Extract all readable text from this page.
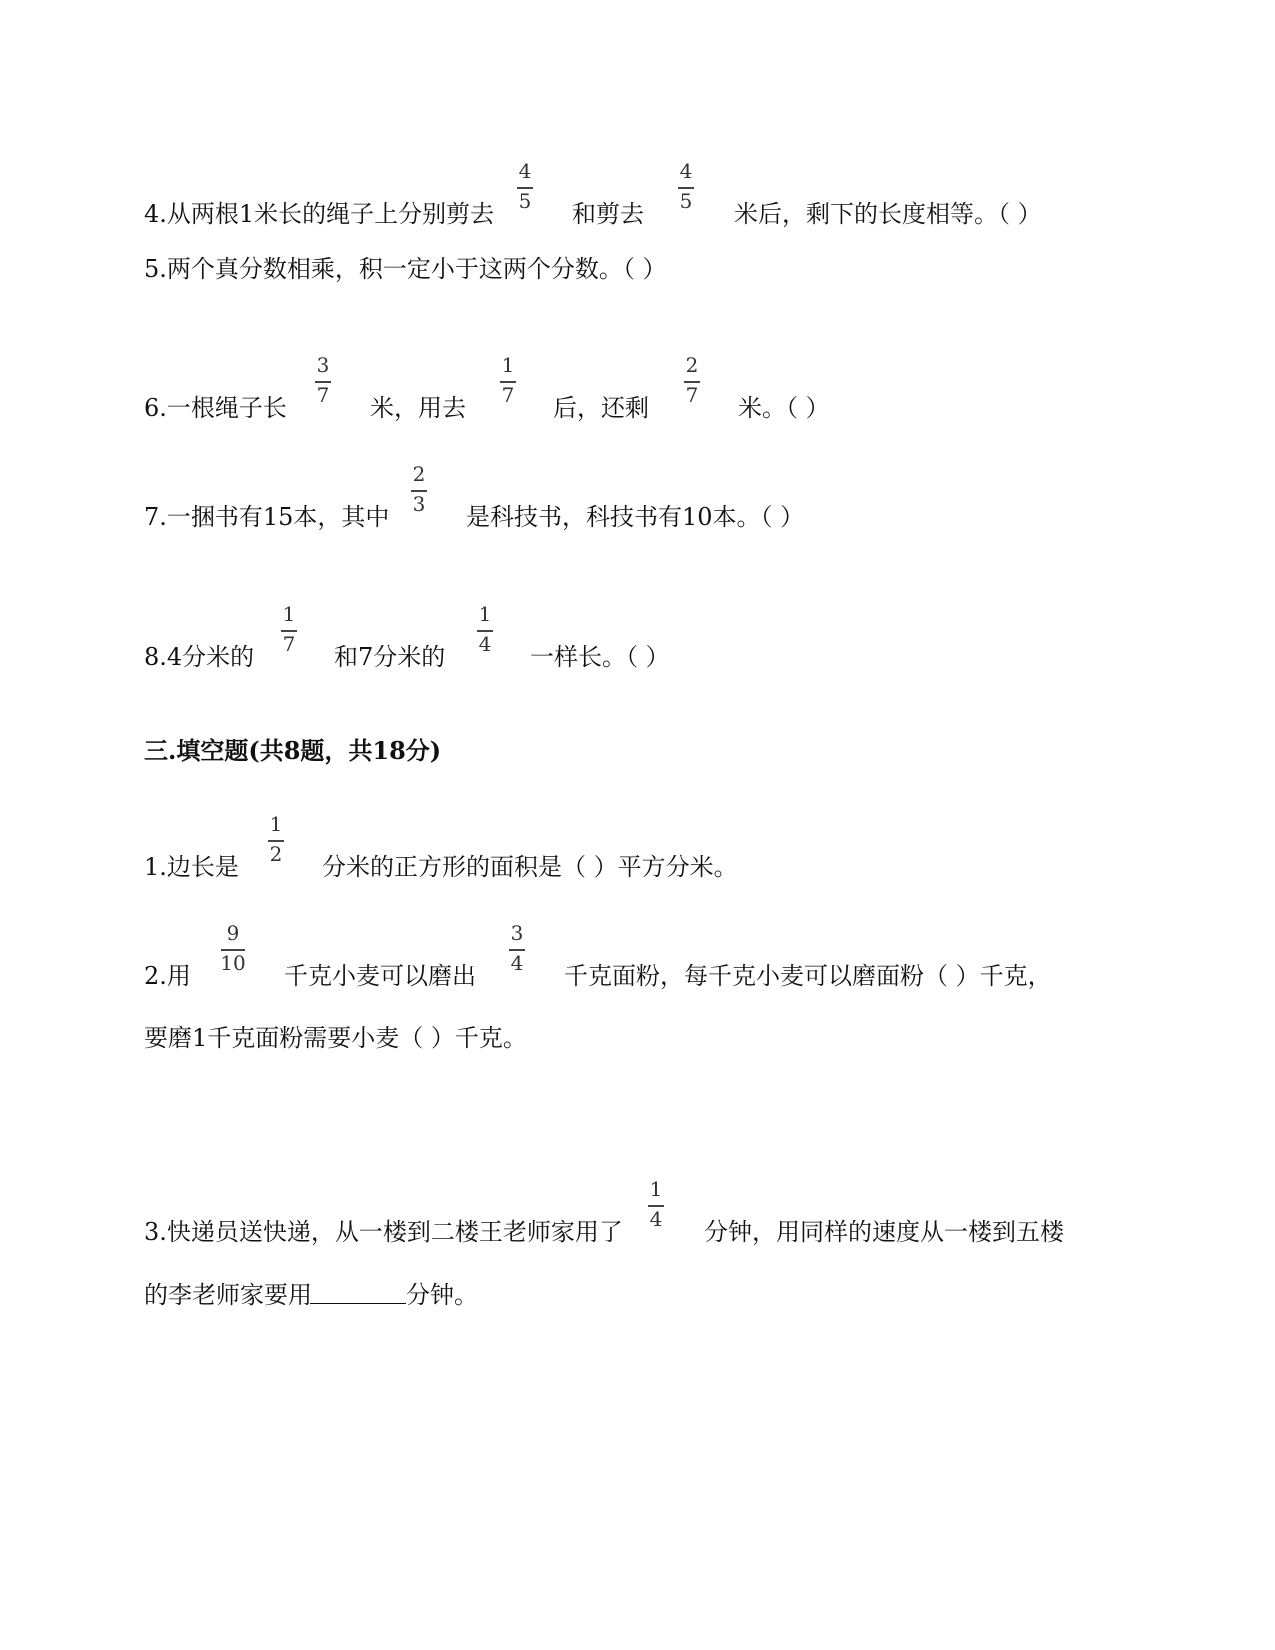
4
5
4
5
4.从两根1米长的绳子上分别剪去	和剪去	米后，剩下的长度相等。（ ）
5.两个真分数相乘，积一定小于这两个分数。（ ）
3
7
1
7
2
7
6.一根绳子长	米，用去	后，还剩	米。（ ）
2
3
7.一捆书有15本，其中	是科技书，科技书有10本。（ ）
1
7
1
4
8.4分米的	和7分米的	一样长。（ ）
三.填空题(共8题，共18分)
1
2
1.边长是	分米的正方形的面积是（ ）平方分米。
9
10
3
4
2.用	千克小麦可以磨出	千克面粉，每千克小麦可以磨面粉（ ）千克，
要磨1千克面粉需要小麦（ ）千克。
1
4
3.快递员送快递，从一楼到二楼王老师家用了	分钟，用同样的速度从一楼到五楼
的李老师家要用	分钟。
